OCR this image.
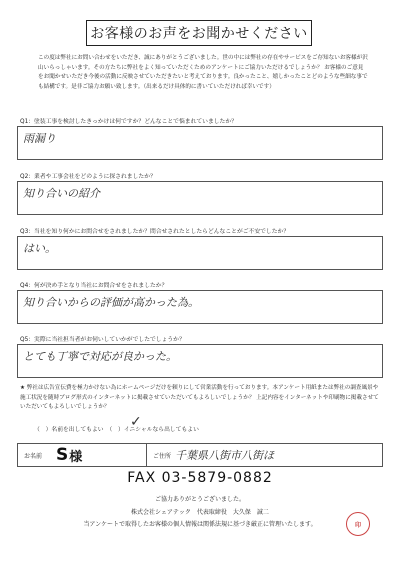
お客様のお声をお聞かせください
この度は弊社にお問い合わせをいただき、誠にありがとうございました。世の中には弊社の存在やサービスをご存知ないお客様が沢山いらっしゃいます。その方たちに弊社をよく知っていただくためのアンケートにご協力いただけるでしょうか？ お客様のご意見をお聞かせいただき今後の活動に反映させていただきたいと考えております。良かったこと、嬉しかったことどのような些細な事でも結構です。是非ご協力お願い致します。（出来るだけ具体的に書いていただければ幸いです）
Q1：塗装工事を検討したきっかけは何ですか？どんなことで悩まれていましたか？
雨漏り
Q2：業者や工事会社をどのように探されましたか？
知り合いの紹介
Q3：当社を知り何かにお問合せをされましたか？問合せされたとしたらどんなことがご不安でしたか？
はい。
Q4：何が決め手となり当社にお問合せをされましたか？
知り合いからの評価が高かった為。
Q5：実際に当社担当者がお伺いしていかがでしたでしょうか？
とても丁寧で対応が良かった。
★ 弊社は広告宣伝費を極力かけない為にホームページだけを頼りにして営業活動を行っております。本アンケート用紙または弊社の調査風景や施工状況を随時ブログ形式のインターネットに掲載させていただいてもよろしいでしょうか？ 上記内容をインターネットや印刷物に掲載させていただいてもよろしいでしょうか？
✓
（　）名前を出してもよい　（　）イニシャルなら出してもよい
お名前 S 様	ご住所 千葉県八街市八街ほ
FAX 03-5879-0882
ご協力ありがとうございました。
株式会社シェアテック　代表取締役　大久保　誠二
当アンケートで取得したお客様の個人情報は関係法規に基づき厳正に管理いたします。	印
